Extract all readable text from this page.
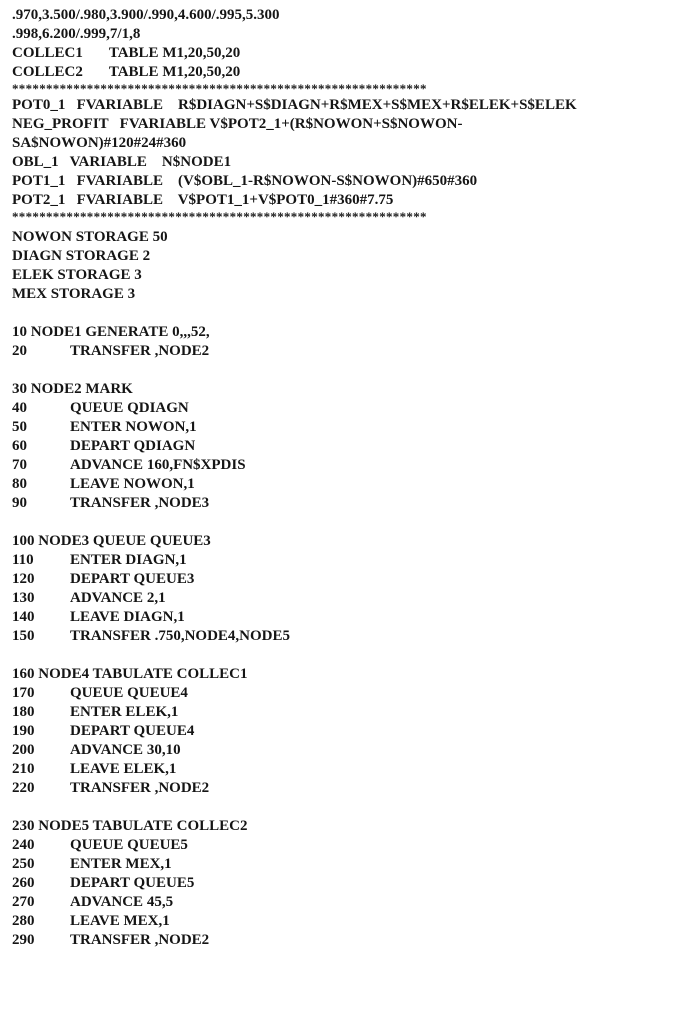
.970,3.500/.980,3.900/.990,4.600/.995,5.300
.998,6.200/.999,7/1,8
COLLEC1       TABLE M1,20,50,20
COLLEC2       TABLE M1,20,50,20
*************************************************************
POT0_1   FVARIABLE    R$DIAGN+S$DIAGN+R$MEX+S$MEX+R$ELEK+S$ELEK
NEG_PROFIT   FVARIABLE V$POT2_1+(R$NOWON+S$NOWON-
SA$NOWON)#120#24#360
OBL_1   VARIABLE    N$NODE1
POT1_1   FVARIABLE    (V$OBL_1-R$NOWON-S$NOWON)#650#360
POT2_1   FVARIABLE    V$POT1_1+V$POT0_1#360#7.75
*************************************************************
NOWON STORAGE 50
DIAGN STORAGE 2
ELEK STORAGE 3
MEX STORAGE 3
10 NODE1 GENERATE 0,,,52,
20	TRANSFER ,NODE2
30 NODE2 MARK
40	QUEUE QDIAGN
50	ENTER NOWON,1
60	DEPART QDIAGN
70	ADVANCE 160,FN$XPDIS
80	LEAVE NOWON,1
90	TRANSFER ,NODE3
100 NODE3 QUEUE QUEUE3
110 ENTER DIAGN,1
120 DEPART QUEUE3
130 ADVANCE 2,1
140 LEAVE DIAGN,1
150 TRANSFER .750,NODE4,NODE5
160 NODE4 TABULATE COLLEC1
170 QUEUE QUEUE4
180 ENTER ELEK,1
190 DEPART QUEUE4
200 ADVANCE 30,10
210 LEAVE ELEK,1
220 TRANSFER ,NODE2
230 NODE5 TABULATE COLLEC2
240 QUEUE QUEUE5
250 ENTER MEX,1
260 DEPART QUEUE5
270 ADVANCE 45,5
280 LEAVE MEX,1
290 TRANSFER ,NODE2
